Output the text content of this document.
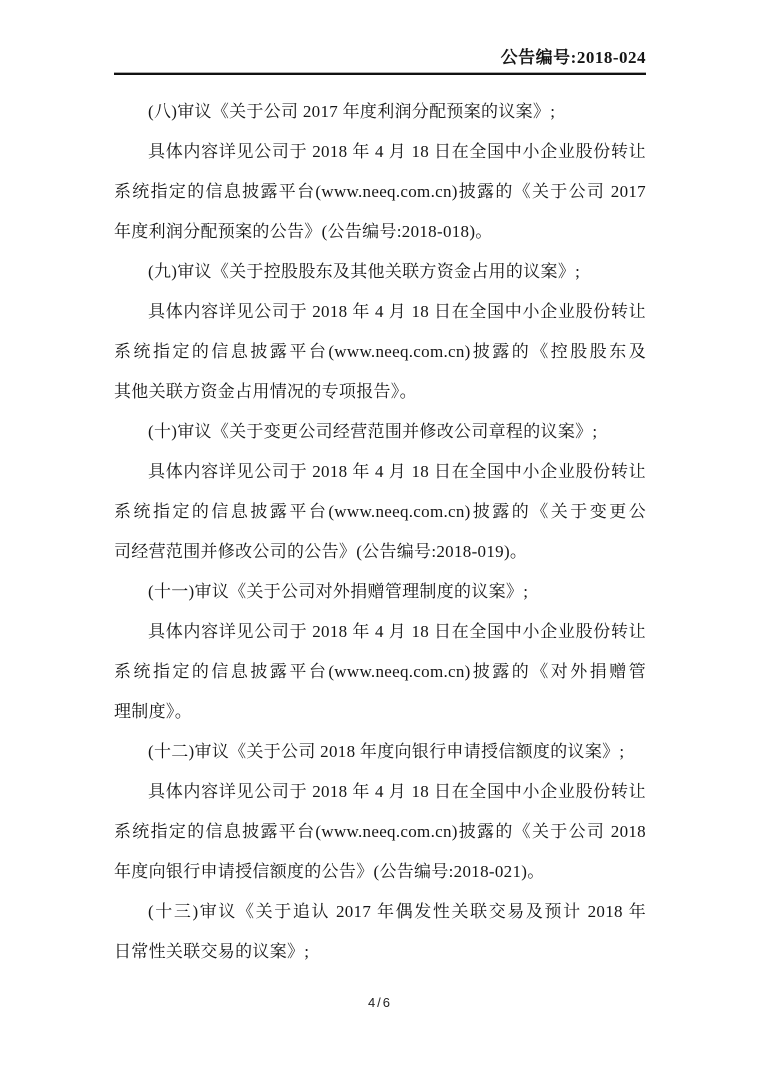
公告编号:2018-024
(八)审议《关于公司 2017 年度利润分配预案的议案》;
具体内容详见公司于 2018 年 4 月 18 日在全国中小企业股份转让
系统指定的信息披露平台(www.neeq.com.cn)披露的《关于公司 2017
年度利润分配预案的公告》(公告编号:2018-018)。
(九)审议《关于控股股东及其他关联方资金占用的议案》;
具体内容详见公司于 2018 年 4 月 18 日在全国中小企业股份转让
系统指定的信息披露平台(www.neeq.com.cn)披露的《控股股东及
其他关联方资金占用情况的专项报告》。
(十)审议《关于变更公司经营范围并修改公司章程的议案》;
具体内容详见公司于 2018 年 4 月 18 日在全国中小企业股份转让
系统指定的信息披露平台(www.neeq.com.cn)披露的《关于变更公
司经营范围并修改公司的公告》(公告编号:2018-019)。
(十一)审议《关于公司对外捐赠管理制度的议案》;
具体内容详见公司于 2018 年 4 月 18 日在全国中小企业股份转让
系统指定的信息披露平台(www.neeq.com.cn)披露的《对外捐赠管
理制度》。
(十二)审议《关于公司 2018 年度向银行申请授信额度的议案》;
具体内容详见公司于 2018 年 4 月 18 日在全国中小企业股份转让
系统指定的信息披露平台(www.neeq.com.cn)披露的《关于公司 2018
年度向银行申请授信额度的公告》(公告编号:2018-021)。
(十三)审议《关于追认 2017 年偶发性关联交易及预计 2018 年
日常性关联交易的议案》;
4/6
